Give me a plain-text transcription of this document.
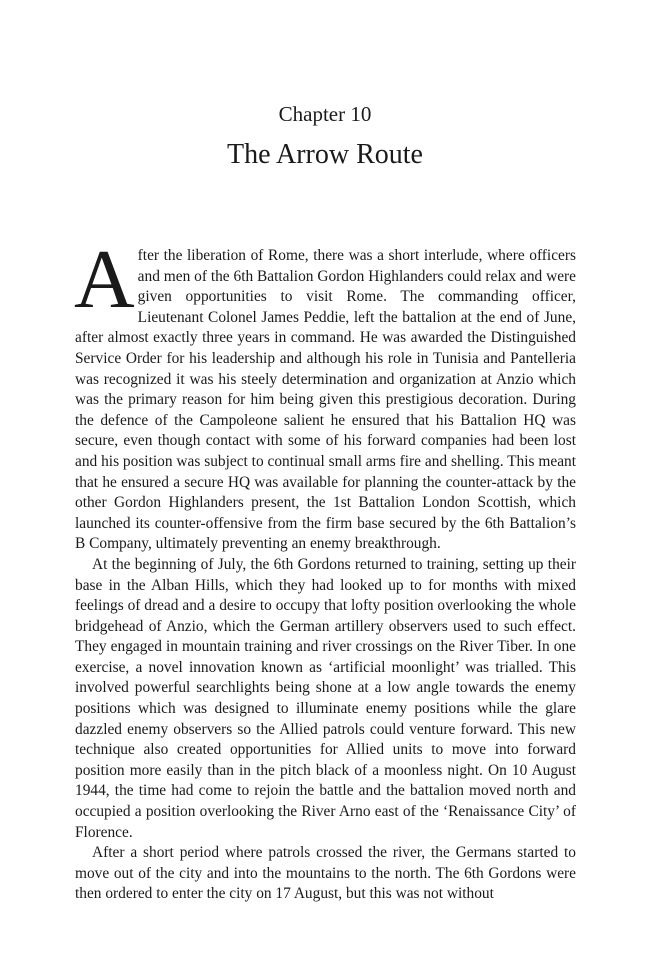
Chapter 10
The Arrow Route

After the liberation of Rome, there was a short interlude, where officers and men of the 6th Battalion Gordon Highlanders could relax and were given opportunities to visit Rome. The commanding officer, Lieutenant Colonel James Peddie, left the battalion at the end of June, after almost exactly three years in command. He was awarded the Distinguished Service Order for his leadership and although his role in Tunisia and Pantelleria was recognized it was his steely determination and organization at Anzio which was the primary reason for him being given this prestigious decoration. During the defence of the Campoleone salient he ensured that his Battalion HQ was secure, even though contact with some of his forward companies had been lost and his position was subject to continual small arms fire and shelling. This meant that he ensured a secure HQ was available for planning the counter-attack by the other Gordon Highlanders present, the 1st Battalion London Scottish, which launched its counter-offensive from the firm base secured by the 6th Battalion’s B Company, ultimately preventing an enemy breakthrough.

At the beginning of July, the 6th Gordons returned to training, setting up their base in the Alban Hills, which they had looked up to for months with mixed feelings of dread and a desire to occupy that lofty position overlooking the whole bridgehead of Anzio, which the German artillery observers used to such effect. They engaged in mountain training and river crossings on the River Tiber. In one exercise, a novel innovation known as ‘artificial moonlight’ was trialled. This involved powerful searchlights being shone at a low angle towards the enemy positions which was designed to illuminate enemy positions while the glare dazzled enemy observers so the Allied patrols could venture forward. This new technique also created opportunities for Allied units to move into forward position more easily than in the pitch black of a moonless night. On 10 August 1944, the time had come to rejoin the battle and the battalion moved north and occupied a position overlooking the River Arno east of the ‘Renaissance City’ of Florence.

After a short period where patrols crossed the river, the Germans started to move out of the city and into the mountains to the north. The 6th Gordons were then ordered to enter the city on 17 August, but this was not without
